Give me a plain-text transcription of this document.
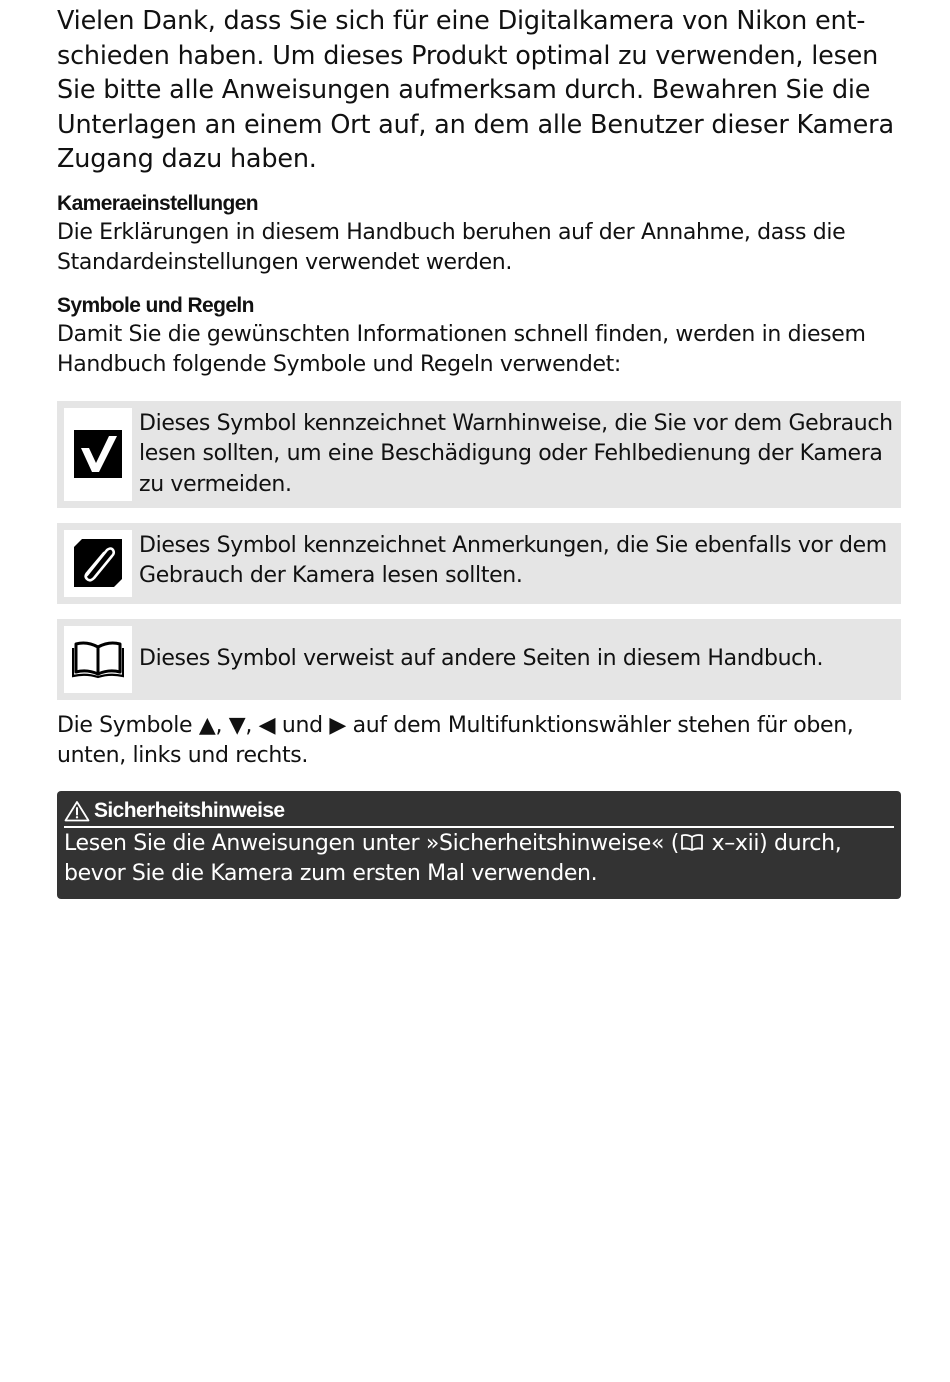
Vielen Dank, dass Sie sich für eine Digitalkamera von Nikon ent-schieden haben. Um dieses Produkt optimal zu verwenden, lesen Sie bitte alle Anweisungen aufmerksam durch. Bewahren Sie die Unterlagen an einem Ort auf, an dem alle Benutzer dieser Kamera Zugang dazu haben.

Kameraeinstellungen
Die Erklärungen in diesem Handbuch beruhen auf der Annahme, dass die Standardeinstellungen verwendet werden.
Symbole und Regeln
Damit Sie die gewünschten Informationen schnell finden, werden in diesem Handbuch folgende Symbole und Regeln verwendet:
Dieses Symbol kennzeichnet Warnhinweise, die Sie vor dem Gebrauch lesen sollten, um eine Beschädigung oder Fehlbedienung der Kamera zu vermeiden.
Dieses Symbol kennzeichnet Anmerkungen, die Sie ebenfalls vor dem Gebrauch der Kamera lesen sollten.
Dieses Symbol verweist auf andere Seiten in diesem Handbuch.
Die Symbole ▲, ▼, ◀ und ▶ auf dem Multifunktionswähler stehen für oben, unten, links und rechts.
Sicherheitshinweise
Lesen Sie die Anweisungen unter »Sicherheitshinweise« ( x–xii) durch, bevor Sie die Kamera zum ersten Mal verwenden.
